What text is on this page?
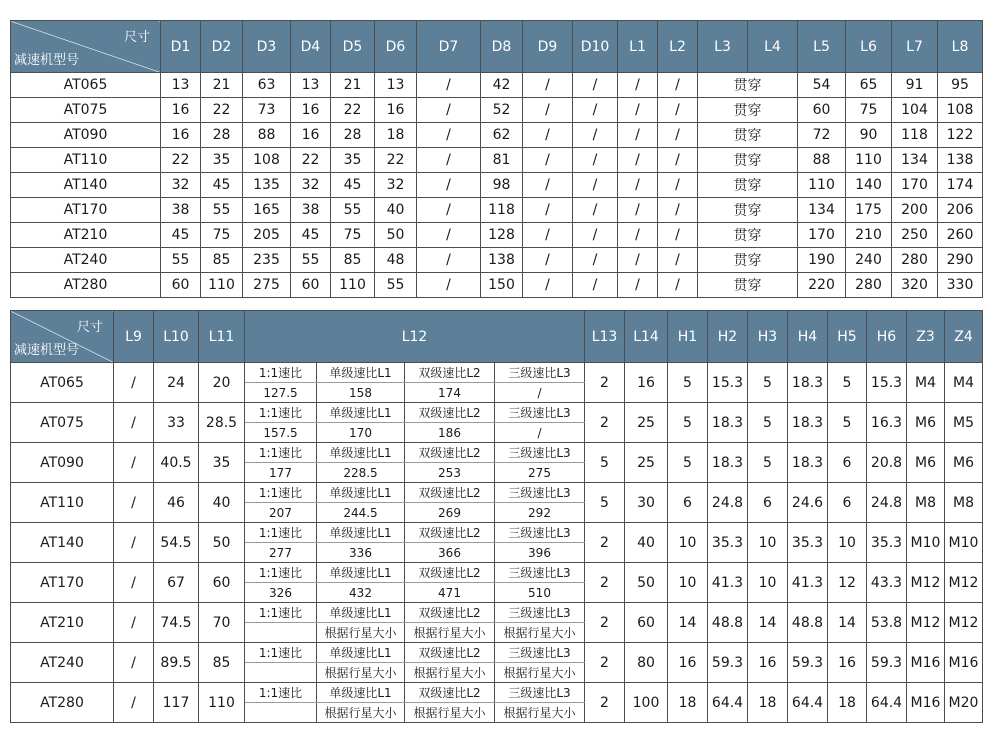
尺寸
减速机型号	D1	D2	D3	D4	D5	D6	D7	D8	D9	D10	L1	L2	L3	L4	L5	L6	L7	L8
AT065	13	21	63	13	21	13	/	42	/	/	/	/	贯穿		54	65	91	95
AT075	16	22	73	16	22	16	/	52	/	/	/	/	贯穿		60	75	104	108
AT090	16	28	88	16	28	18	/	62	/	/	/	/	贯穿		72	90	118	122
AT110	22	35	108	22	35	22	/	81	/	/	/	/	贯穿		88	110	134	138
AT140	32	45	135	32	45	32	/	98	/	/	/	/	贯穿		110	140	170	174
AT170	38	55	165	38	55	40	/	118	/	/	/	/	贯穿		134	175	200	206
AT210	45	75	205	45	75	50	/	128	/	/	/	/	贯穿		170	210	250	260
AT240	55	85	235	55	85	48	/	138	/	/	/	/	贯穿		190	240	280	290
AT280	60	110	275	60	110	55	/	150	/	/	/	/	贯穿		220	280	320	330
尺寸
减速机型号	L9	L10	L11	L12				L13	L14	H1	H2	H3	H4	H5	H6	Z3	Z4
AT065	/	24	20	1:1速比	单级速比L1	双级速比L2	三级速比L3	2	16	5	15.3	5	18.3	5	15.3	M4	M4
				127.5	158	174	/										
AT075	/	33	28.5	1:1速比	单级速比L1	双级速比L2	三级速比L3	2	25	5	18.3	5	18.3	5	16.3	M6	M5
				157.5	170	186	/										
AT090	/	40.5	35	1:1速比	单级速比L1	双级速比L2	三级速比L3	5	25	5	18.3	5	18.3	6	20.8	M6	M6
				177	228.5	253	275										
AT110	/	46	40	1:1速比	单级速比L1	双级速比L2	三级速比L3	5	30	6	24.8	6	24.6	6	24.8	M8	M8
				207	244.5	269	292										
AT140	/	54.5	50	1:1速比	单级速比L1	双级速比L2	三级速比L3	2	40	10	35.3	10	35.3	10	35.3	M10	M10
				277	336	366	396										
AT170	/	67	60	1:1速比	单级速比L1	双级速比L2	三级速比L3	2	50	10	41.3	10	41.3	12	43.3	M12	M12
				326	432	471	510										
AT210	/	74.5	70	1:1速比	单级速比L1	双级速比L2	三级速比L3	2	60	14	48.8	14	48.8	14	53.8	M12	M12
					根据行星大小	根据行星大小	根据行星大小										
AT240	/	89.5	85	1:1速比	单级速比L1	双级速比L2	三级速比L3	2	80	16	59.3	16	59.3	16	59.3	M16	M16
					根据行星大小	根据行星大小	根据行星大小										
AT280	/	117	110	1:1速比	单级速比L1	双级速比L2	三级速比L3	2	100	18	64.4	18	64.4	18	64.4	M16	M20
					根据行星大小	根据行星大小	根据行星大小										
